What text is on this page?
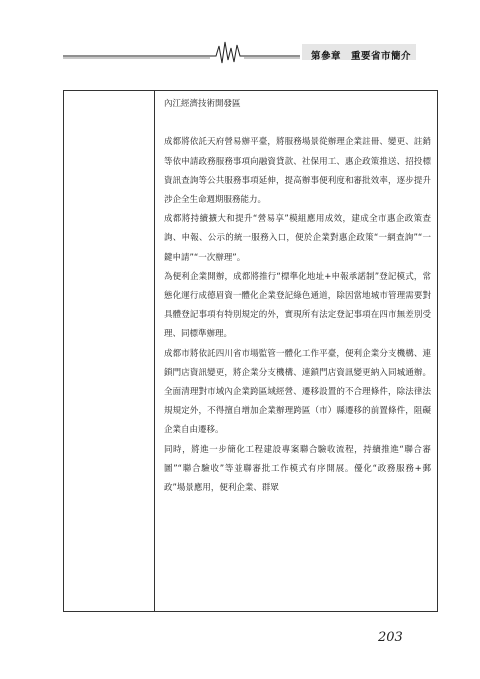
第參章　重要省市簡介

內江經濟技術開發區

成都將依託天府營易辦平臺，將服務場景從辦理企業註冊、變更、註銷等依申請政務服務事項向融資貸款、社保用工、惠企政策推送、招投標資訊查詢等公共服務事項延伸，提高辦事便利度和審批效率，逐步提升涉企全生命週期服務能力。

成都將持續擴大和提升“營易享”模組應用成效，建成全市惠企政策查詢、申報、公示的統一服務入口，便於企業對惠企政策“一網查詢”“一鍵申請”“一次辦理”。

為便利企業開辦，成都將推行“標準化地址+申報承諾制”登記模式，常態化運行成德眉資一體化企業登記綠色通道，除因當地城市管理需要對具體登記事項有特別規定的外，實現所有法定登記事項在四市無差別受理、同標準辦理。

成都市將依託四川省市場監管一體化工作平臺，便利企業分支機構、連鎖門店資訊變更，將企業分支機構、連鎖門店資訊變更納入同城通辦。全面清理對市域內企業跨區域經營、遷移設置的不合理條件，除法律法規規定外，不得擅自增加企業辦理跨區（市）縣遷移的前置條件，阻礙企業自由遷移。

同時，將進一步簡化工程建設專案聯合驗收流程，持續推進“聯合審圖”“聯合驗收”等並聯審批工作模式有序開展。優化“政務服務+郵政”場景應用，便利企業、群眾

203
